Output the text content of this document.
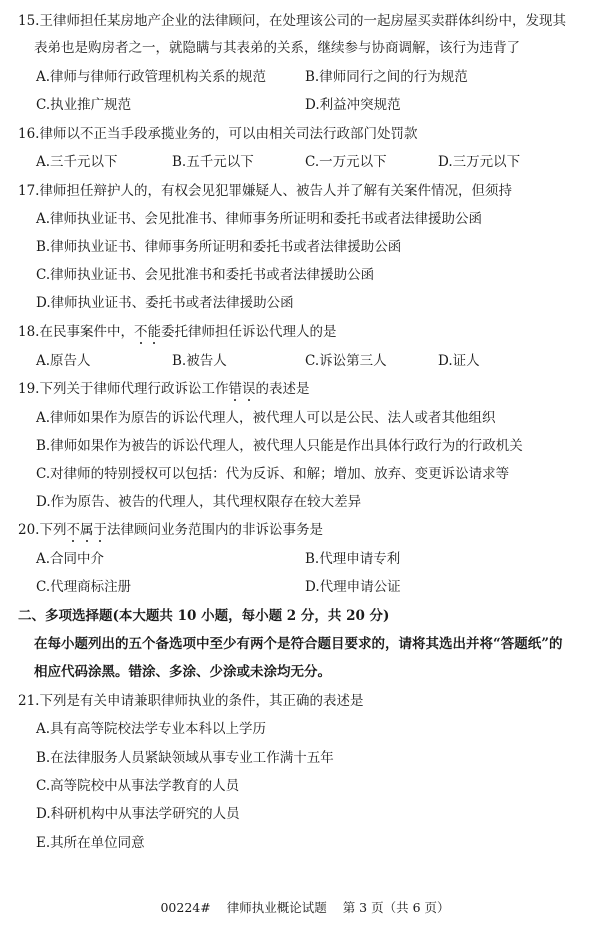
15.王律师担任某房地产企业的法律顾问，在处理该公司的一起房屋买卖群体纠纷中，发现其
表弟也是购房者之一，就隐瞒与其表弟的关系，继续参与协商调解，该行为违背了
A.律师与律师行政管理机构关系的规范	B.律师同行之间的行为规范
C.执业推广规范	D.利益冲突规范
16.律师以不正当手段承揽业务的，可以由相关司法行政部门处罚款
A.三千元以下	B.五千元以下	C.一万元以下	D.三万元以下
17.律师担任辩护人的，有权会见犯罪嫌疑人、被告人并了解有关案件情况，但须持
A.律师执业证书、会见批准书、律师事务所证明和委托书或者法律援助公函
B.律师执业证书、律师事务所证明和委托书或者法律援助公函
C.律师执业证书、会见批准书和委托书或者法律援助公函
D.律师执业证书、委托书或者法律援助公函
18.在民事案件中，不能委托律师担任诉讼代理人的是
A.原告人	B.被告人	C.诉讼第三人	D.证人
19.下列关于律师代理行政诉讼工作错误的表述是
A.律师如果作为原告的诉讼代理人，被代理人可以是公民、法人或者其他组织
B.律师如果作为被告的诉讼代理人，被代理人只能是作出具体行政行为的行政机关
C.对律师的特别授权可以包括：代为反诉、和解；增加、放弃、变更诉讼请求等
D.作为原告、被告的代理人，其代理权限存在较大差异
20.下列不属于法律顾问业务范围内的非诉讼事务是
A.合同中介	B.代理申请专利
C.代理商标注册	D.代理申请公证
二、多项选择题(本大题共 10 小题，每小题 2 分，共 20 分)
在每小题列出的五个备选项中至少有两个是符合题目要求的，请将其选出并将“答题纸”的
相应代码涂黑。错涂、多涂、少涂或未涂均无分。
21.下列是有关申请兼职律师执业的条件，其正确的表述是
A.具有高等院校法学专业本科以上学历
B.在法律服务人员紧缺领域从事专业工作满十五年
C.高等院校中从事法学教育的人员
D.科研机构中从事法学研究的人员
E.其所在单位同意
00224# 律师执业概论试题 第 3 页（共 6 页）
